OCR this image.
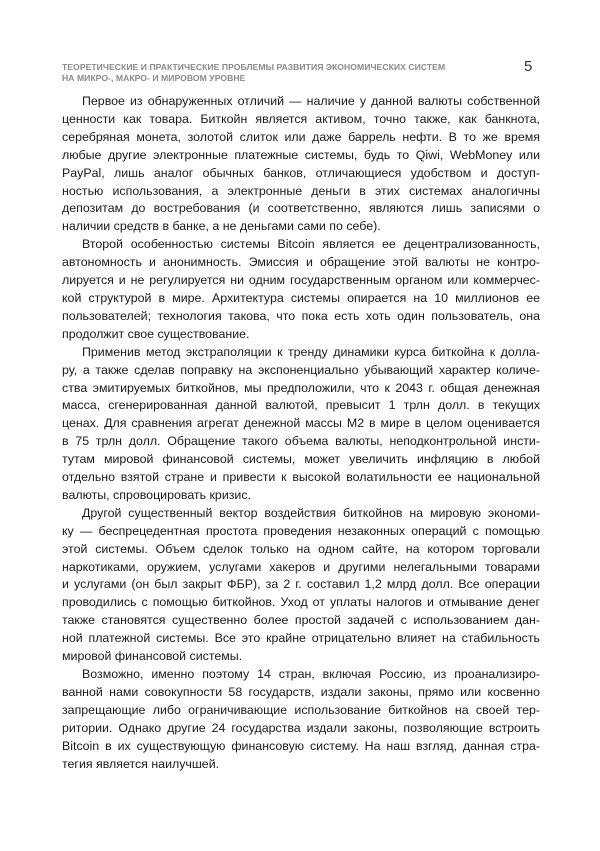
ТЕОРЕТИЧЕСКИЕ И ПРАКТИЧЕСКИЕ ПРОБЛЕМЫ РАЗВИТИЯ ЭКОНОМИЧЕСКИХ СИСТЕМ
НА МИКРО-, МАКРО- И МИРОВОМ УРОВНЕ
5

Первое из обнаруженных отличий — наличие у данной валюты собственной
ценности как товара. Биткойн является активом, точно также, как банкнота,
серебряная монета, золотой слиток или даже баррель нефти. В то же время
любые другие электронные платежные системы, будь то Qiwi, WebMoney или
PayPal, лишь аналог обычных банков, отличающиеся удобством и доступ-
ностью использования, а электронные деньги в этих системах аналогичны
депозитам до востребования (и соответственно, являются лишь записями о
наличии средств в банке, а не деньгами сами по себе).

Второй особенностью системы Bitcoin является ее децентрализованность,
автономность и анонимность. Эмиссия и обращение этой валюты не контро-
лируется и не регулируется ни одним государственным органом или коммерчес-
кой структурой в мире. Архитектура системы опирается на 10 миллионов ее
пользователей; технология такова, что пока есть хоть один пользователь, она
продолжит свое существование.

Применив метод экстраполяции к тренду динамики курса биткойна к долла-
ру, а также сделав поправку на экспоненциально убывающий характер количе-
ства эмитируемых биткойнов, мы предположили, что к 2043 г. общая денежная
масса, сгенерированная данной валютой, превысит 1 трлн долл. в текущих
ценах. Для сравнения агрегат денежной массы М2 в мире в целом оценивается
в 75 трлн долл. Обращение такого объема валюты, неподконтрольной инсти-
тутам мировой финансовой системы, может увеличить инфляцию в любой
отдельно взятой стране и привести к высокой волатильности ее национальной
валюты, спровоцировать кризис.

Другой существенный вектор воздействия биткойнов на мировую экономи-
ку — беспрецедентная простота проведения незаконных операций с помощью
этой системы. Объем сделок только на одном сайте, на котором торговали
наркотиками, оружием, услугами хакеров и другими нелегальными товарами
и услугами (он был закрыт ФБР), за 2 г. составил 1,2 млрд долл. Все операции
проводились с помощью биткойнов. Уход от уплаты налогов и отмывание денег
также становятся существенно более простой задачей с использованием дан-
ной платежной системы. Все это крайне отрицательно влияет на стабильность
мировой финансовой системы.

Возможно, именно поэтому 14 стран, включая Россию, из проанализиро-
ванной нами совокупности 58 государств, издали законы, прямо или косвенно
запрещающие либо ограничивающие использование биткойнов на своей тер-
ритории. Однако другие 24 государства издали законы, позволяющие встроить
Bitcoin в их существующую финансовую систему. На наш взгляд, данная стра-
тегия является наилучшей.
